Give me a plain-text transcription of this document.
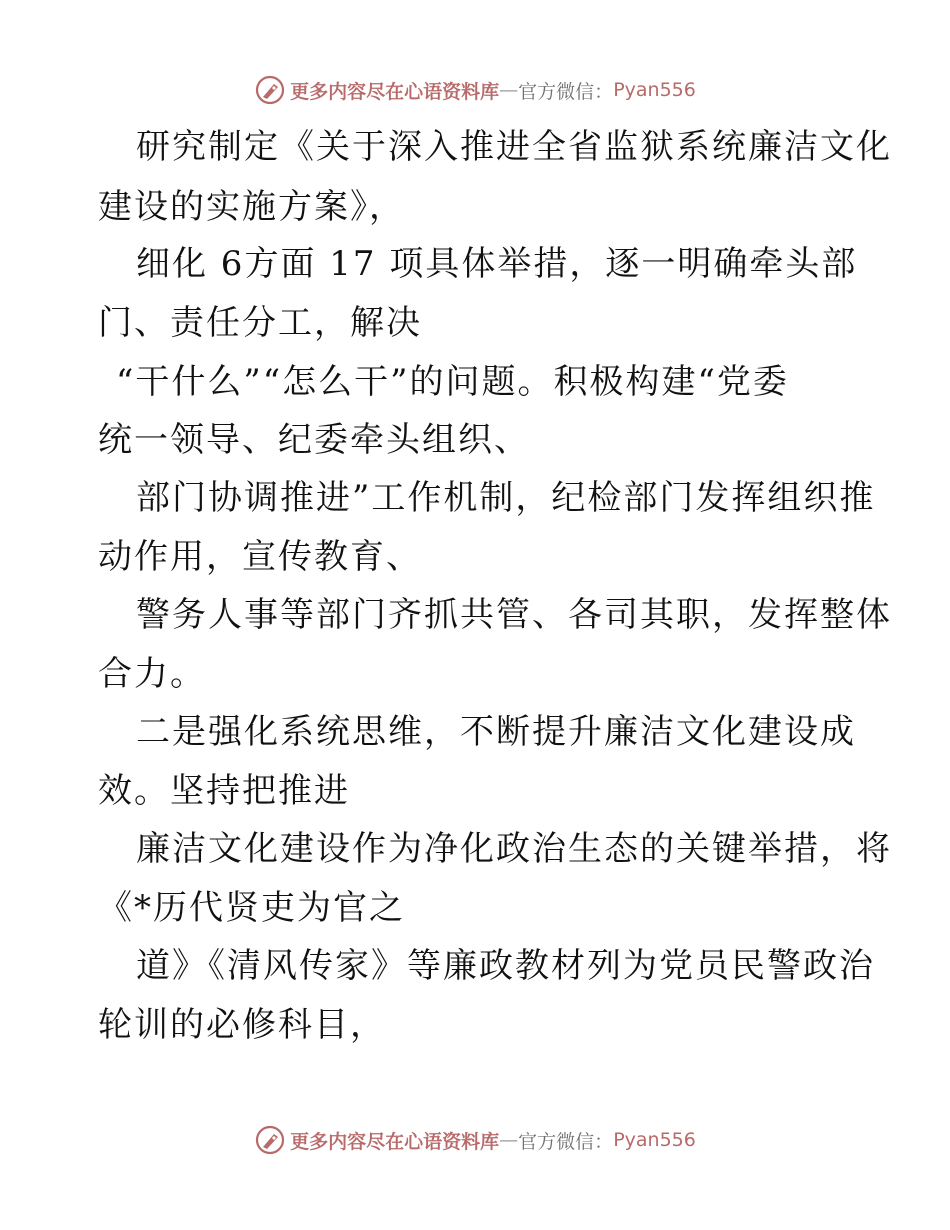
更多内容尽在心语资料库 — 官方微信： Pyan556
研究制定《关于深入推进全省监狱系统廉洁文化
建设的实施方案》，
细化 6方面 17 项具体举措，逐一明确牵头部
门、责任分工，解决
“干什么”“怎么干”的问题。积极构建“党委
统一领导、纪委牵头组织、
部门协调推进”工作机制，纪检部门发挥组织推
动作用，宣传教育、
警务人事等部门齐抓共管、各司其职，发挥整体
合力。
二是强化系统思维，不断提升廉洁文化建设成
效。坚持把推进
廉洁文化建设作为净化政治生态的关键举措，将
《*历代贤吏为官之
道》《清风传家》等廉政教材列为党员民警政治
轮训的必修科目，
更多内容尽在心语资料库 — 官方微信： Pyan556
